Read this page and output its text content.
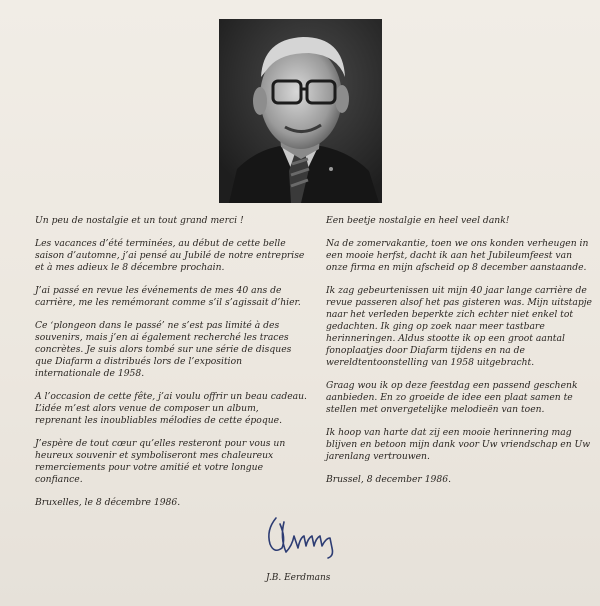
Un peu de nostalgie et un tout grand merci !

Les vacances d’été terminées, au début de cette belle saison d’automne, j’ai pensé au Jubilé de notre entreprise et à mes adieux le 8 décembre prochain.

J’ai passé en revue les événements de mes 40 ans de carrière, me les remémorant comme s’il s’agissait d’hier.

Ce ‘plongeon dans le passé’ ne s’est pas limité à des souvenirs, mais j’en ai également recherché les traces concrètes. Je suis alors tombé sur une série de disques que Diafarm a distribués lors de l’exposition internationale de 1958.

A l’occasion de cette fête, j’ai voulu offrir un beau cadeau. L’idée m’est alors venue de composer un album, reprenant les inoubliables mélodies de cette époque.

J’espère de tout cœur qu’elles resteront pour vous un heureux souvenir et symboliseront mes chaleureux remerciements pour votre amitié et votre longue confiance.

Bruxelles, le 8 décembre 1986.

Een beetje nostalgie en heel veel dank!

Na de zomervakantie, toen we ons konden verheugen in een mooie herfst, dacht ik aan het Jubileumfeest van onze firma en mijn afscheid op 8 december aanstaande.

Ik zag gebeurtenissen uit mijn 40 jaar lange carrière de revue passeren alsof het pas gisteren was. Mijn uitstapje naar het verleden beperkte zich echter niet enkel tot gedachten. Ik ging op zoek naar meer tastbare herinneringen. Aldus stootte ik op een groot aantal fonoplaatjes door Diafarm tijdens en na de wereldtentoonstelling van 1958 uitgebracht.

Graag wou ik op deze feestdag een passend geschenk aanbieden. En zo groeide de idee een plaat samen te stellen met onvergetelijke melodieën van toen.

Ik hoop van harte dat zij een mooie herinnering mag blijven en betoon mijn dank voor Uw vriendschap en Uw jarenlang vertrouwen.

Brussel, 8 december 1986.

J.B. Eerdmans
